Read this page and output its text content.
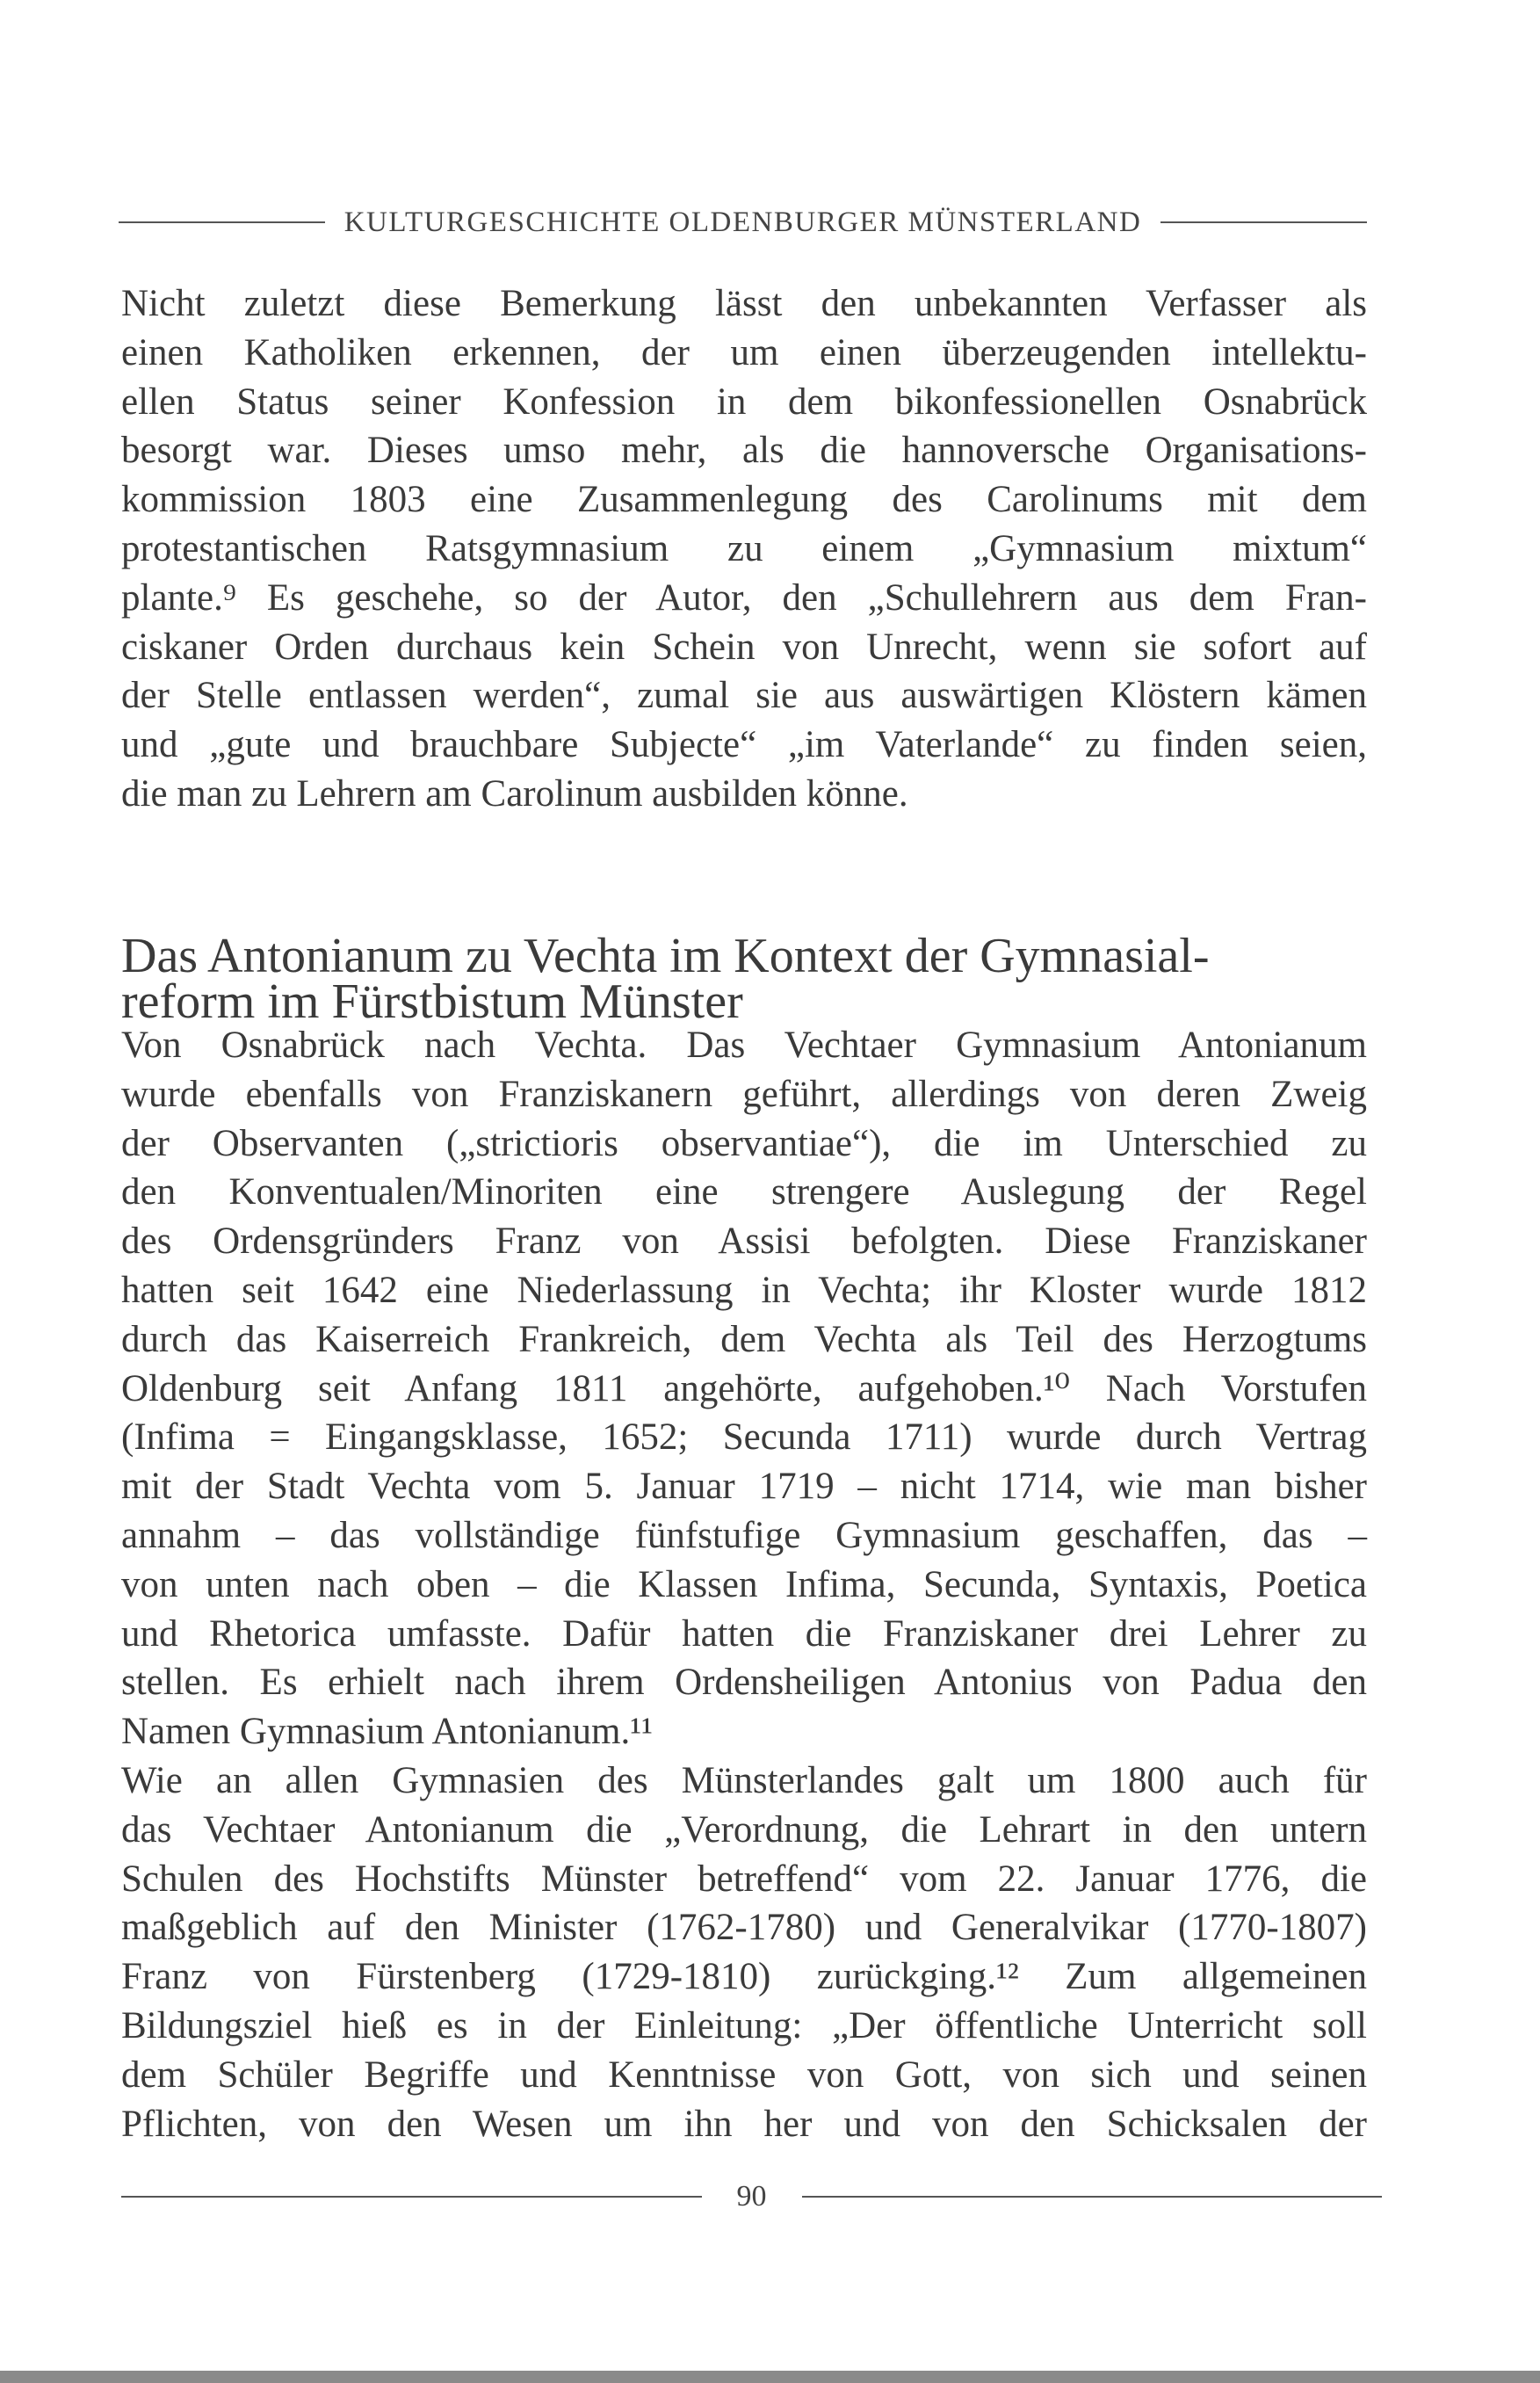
KULTURGESCHICHTE OLDENBURGER MÜNSTERLAND
Nicht zuletzt diese Bemerkung lässt den unbekannten Verfasser als
einen Katholiken erkennen, der um einen überzeugenden intellektu-
ellen Status seiner Konfession in dem bikonfessionellen Osnabrück
besorgt war. Dieses umso mehr, als die hannoversche Organisations-
kommission 1803 eine Zusammenlegung des Carolinums mit dem
protestantischen Ratsgymnasium zu einem „Gymnasium mixtum“
plante.⁹ Es geschehe, so der Autor, den „Schullehrern aus dem Fran-
ciskaner Orden durchaus kein Schein von Unrecht, wenn sie sofort auf
der Stelle entlassen werden“, zumal sie aus auswärtigen Klöstern kämen
und „gute und brauchbare Subjecte“ „im Vaterlande“ zu finden seien,
die man zu Lehrern am Carolinum ausbilden könne.
Das Antonianum zu Vechta im Kontext der Gymnasial-
reform im Fürstbistum Münster
Von Osnabrück nach Vechta. Das Vechtaer Gymnasium Antonianum
wurde ebenfalls von Franziskanern geführt, allerdings von deren Zweig
der Observanten („strictioris observantiae“), die im Unterschied zu
den Konventualen/Minoriten eine strengere Auslegung der Regel
des Ordensgründers Franz von Assisi befolgten. Diese Franziskaner
hatten seit 1642 eine Niederlassung in Vechta; ihr Kloster wurde 1812
durch das Kaiserreich Frankreich, dem Vechta als Teil des Herzogtums
Oldenburg seit Anfang 1811 angehörte, aufgehoben.¹⁰ Nach Vorstufen
(Infima = Eingangsklasse, 1652; Secunda 1711) wurde durch Vertrag
mit der Stadt Vechta vom 5. Januar 1719 – nicht 1714, wie man bisher
annahm – das vollständige fünfstufige Gymnasium geschaffen, das –
von unten nach oben – die Klassen Infima, Secunda, Syntaxis, Poetica
und Rhetorica umfasste. Dafür hatten die Franziskaner drei Lehrer zu
stellen. Es erhielt nach ihrem Ordensheiligen Antonius von Padua den
Namen Gymnasium Antonianum.¹¹
Wie an allen Gymnasien des Münsterlandes galt um 1800 auch für
das Vechtaer Antonianum die „Verordnung, die Lehrart in den untern
Schulen des Hochstifts Münster betreffend“ vom 22. Januar 1776, die
maßgeblich auf den Minister (1762-1780) und Generalvikar (1770-1807)
Franz von Fürstenberg (1729-1810) zurückging.¹² Zum allgemeinen
Bildungsziel hieß es in der Einleitung: „Der öffentliche Unterricht soll
dem Schüler Begriffe und Kenntnisse von Gott, von sich und seinen
Pflichten, von den Wesen um ihn her und von den Schicksalen der
90
